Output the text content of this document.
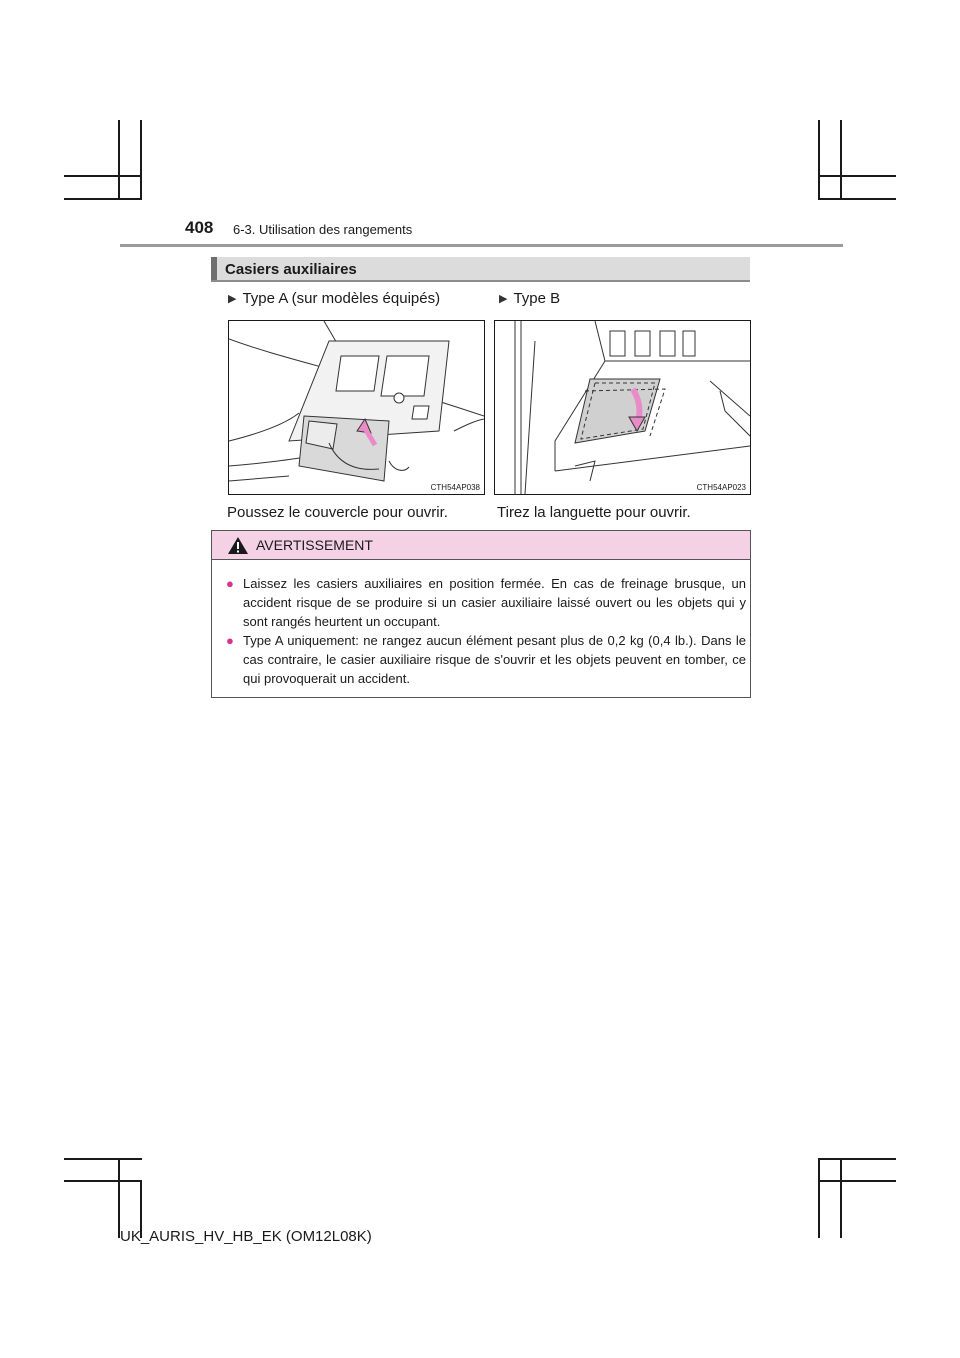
408 6-3. Utilisation des rangements
Casiers auxiliaires
▶ Type A (sur modèles équipés)	▶ Type B
CTH54AP038	CTH54AP023
Poussez le couvercle pour ouvrir.	Tirez la languette pour ouvrir.
AVERTISSEMENT
● Laissez les casiers auxiliaires en position fermée. En cas de freinage brusque, un accident risque de se produire si un casier auxiliaire laissé ouvert ou les objets qui y sont rangés heurtent un occupant.
● Type A uniquement: ne rangez aucun élément pesant plus de 0,2 kg (0,4 lb.). Dans le cas contraire, le casier auxiliaire risque de s'ouvrir et les objets peuvent en tomber, ce qui provoquerait un accident.
UK_AURIS_HV_HB_EK (OM12L08K)
